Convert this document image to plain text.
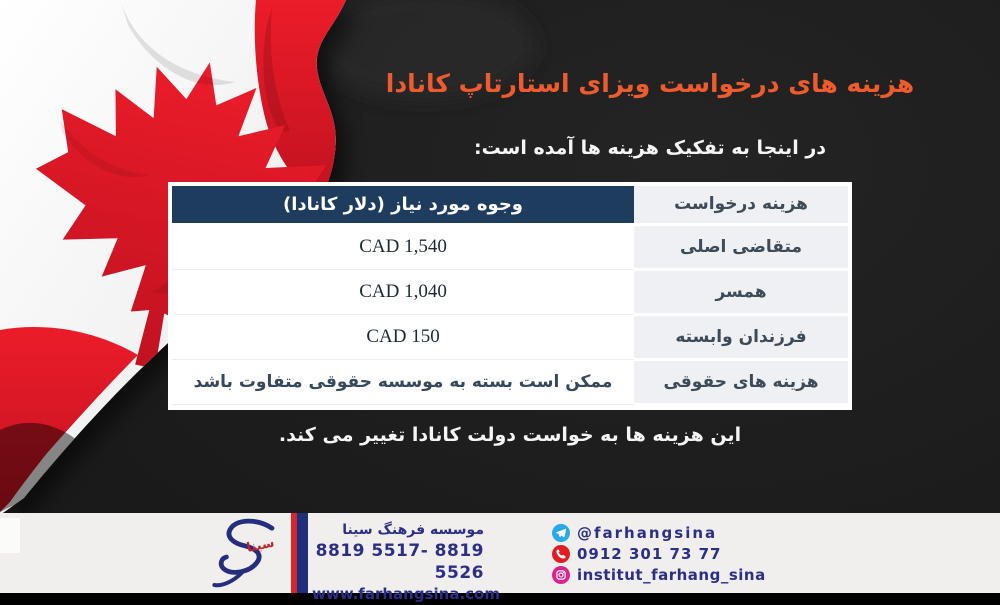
هزینه های درخواست ویزای استارتاپ کانادا
در اینجا به تفکیک هزینه ها آمده است:
هزینه درخواست	وجوه مورد نیاز (دلار کانادا)
متقاضی اصلی	1,540 CAD
همسر	1,040 CAD
فرزندان وابسته	150 CAD
هزینه های حقوقی	ممکن است بسته به موسسه حقوقی متفاوت باشد
این هزینه ها به خواست دولت کانادا تغییر می کند.
سینا
موسسه فرهنگ سینا
8819 5517- 8819 5526
www.farhangsina.com
@farhangsina
0912 301 73 77
institut_farhang_sina
